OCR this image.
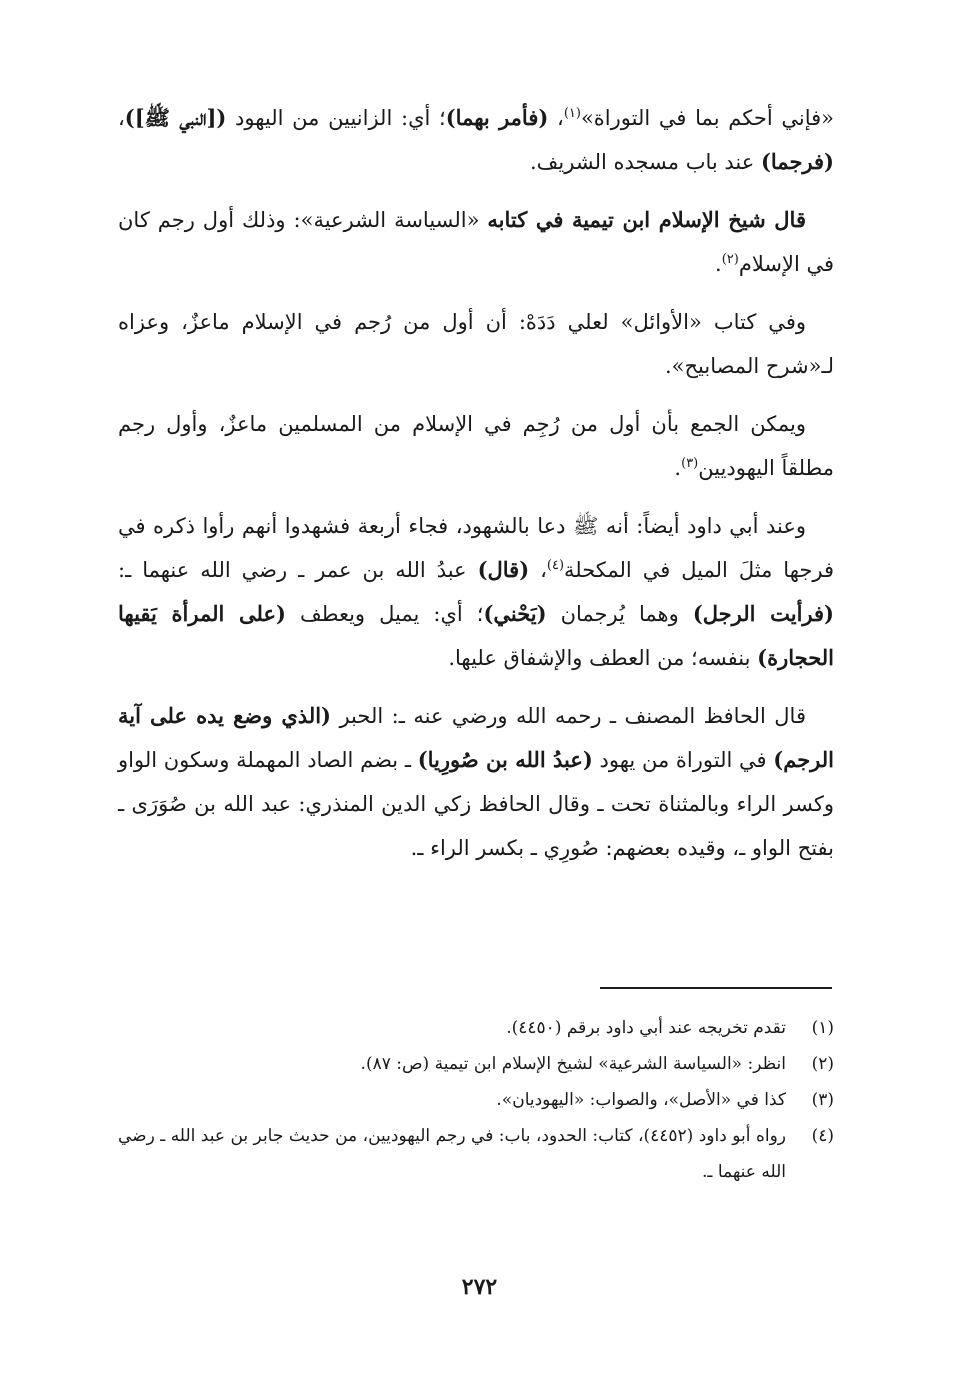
«فإني أحكم بما في التوراة»$^{(١)}$، (فأمر بهما)؛ أي: الزانيين من اليهود ([النبي ﷺ])، (فرجما) عند باب مسجده الشريف.

قال شيخ الإسلام ابن تيمية في كتابه «السياسة الشرعية»: وذلك أول رجم كان في الإسلام$^{(٢)}$.

وفي كتاب «الأوائل» لعلي دَدَهْ: أن أول من رُجم في الإسلام ماعزٌ، وعزاه لـ«شرح المصابيح».

ويمكن الجمع بأن أول من رُجِم في الإسلام من المسلمين ماعزٌ، وأول رجم مطلقاً اليهوديين$^{(٣)}$.

وعند أبي داود أيضاً: أنه ﷺ دعا بالشهود، فجاء أربعة فشهدوا أنهم رأوا ذكره في فرجها مثلَ الميل في المكحلة$^{(٤)}$، (قال) عبدُ الله بن عمر ـ رضي الله عنهما ـ: (فرأيت الرجل) وهما يُرجمان (يَحْني)؛ أي: يميل ويعطف (على المرأة يَقيها الحجارة) بنفسه؛ من العطف والإشفاق عليها.

قال الحافظ المصنف ـ رحمه الله ورضي عنه ـ: الحبر (الذي وضع يده على آية الرجم) في التوراة من يهود (عبدُ الله بن صُورِيا) ـ بضم الصاد المهملة وسكون الواو وكسر الراء وبالمثناة تحت ـ وقال الحافظ زكي الدين المنذري: عبد الله بن صُوَرَى ـ بفتح الواو ـ، وقيده بعضهم: صُورِي ـ بكسر الراء ـ.

(١)
تقدم تخريجه عند أبي داود برقم (٤٤٥٠).
(٢)
انظر: «السياسة الشرعية» لشيخ الإسلام ابن تيمية (ص: ٨٧).
(٣)
كذا في «الأصل»، والصواب: «اليهوديان».
(٤)
رواه أبو داود (٤٤٥٢)، كتاب: الحدود، باب: في رجم اليهوديين، من حديث جابر بن عبد الله ـ رضي الله عنهما ـ.
٢٧٢
